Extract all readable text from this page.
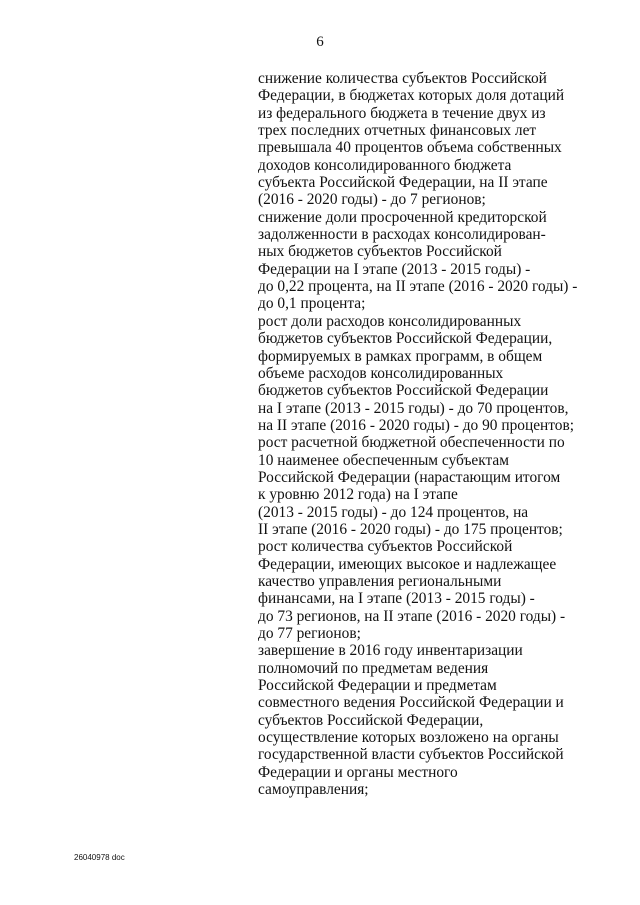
6
снижение количества субъектов Российской
Федерации, в бюджетах которых доля дотаций
из федерального бюджета в течение двух из
трех последних отчетных финансовых лет
превышала 40 процентов объема собственных
доходов консолидированного бюджета
субъекта Российской Федерации, на II этапе
(2016 - 2020 годы) - до 7 регионов;
снижение доли просроченной кредиторской
задолженности в расходах консолидирован-
ных бюджетов субъектов Российской
Федерации на I этапе (2013 - 2015 годы) -
до 0,22 процента, на II этапе (2016 - 2020 годы) -
до 0,1 процента;
рост доли расходов консолидированных
бюджетов субъектов Российской Федерации,
формируемых в рамках программ, в общем
объеме расходов консолидированных
бюджетов субъектов Российской Федерации
на I этапе (2013 - 2015 годы) - до 70 процентов,
на II этапе (2016 - 2020 годы) - до 90 процентов;
рост расчетной бюджетной обеспеченности по
10 наименее обеспеченным субъектам
Российской Федерации (нарастающим итогом
к уровню 2012 года) на I этапе
(2013 - 2015 годы) - до 124 процентов, на
II этапе (2016 - 2020 годы) - до 175 процентов;
рост количества субъектов Российской
Федерации, имеющих высокое и надлежащее
качество управления региональными
финансами, на I этапе (2013 - 2015 годы) -
до 73 регионов, на II этапе (2016 - 2020 годы) -
до 77 регионов;
завершение в 2016 году инвентаризации
полномочий по предметам ведения
Российской Федерации и предметам
совместного ведения Российской Федерации и
субъектов Российской Федерации,
осуществление которых возложено на органы
государственной власти субъектов Российской
Федерации и органы местного
самоуправления;
26040978 doc
